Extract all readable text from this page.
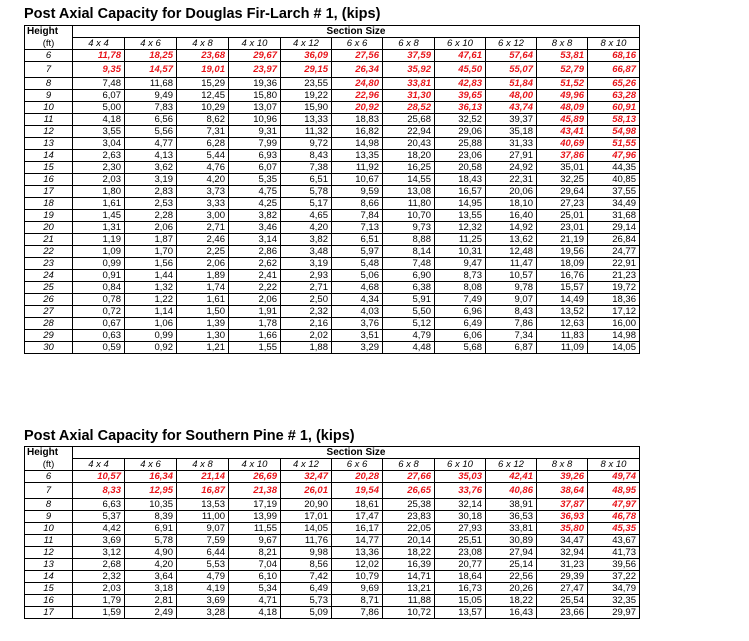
Post Axial Capacity for Douglas Fir-Larch # 1, (kips)
Height	Section Size										
(ft)	4 x 4	4 x 6	4 x 8	4 x 10	4 x 12	6 x 6	6 x 8	6 x 10	6 x 12	8 x 8	8 x 10
6	11,78	18,25	23,68	29,67	36,09	27,56	37,59	47,61	57,64	53,81	68,16
7	9,35	14,57	19,01	23,97	29,15	26,34	35,92	45,50	55,07	52,79	66,87
8	7,48	11,68	15,29	19,36	23,55	24,80	33,81	42,83	51,84	51,52	65,26
9	6,07	9,49	12,45	15,80	19,22	22,96	31,30	39,65	48,00	49,96	63,28
10	5,00	7,83	10,29	13,07	15,90	20,92	28,52	36,13	43,74	48,09	60,91
11	4,18	6,56	8,62	10,96	13,33	18,83	25,68	32,52	39,37	45,89	58,13
12	3,55	5,56	7,31	9,31	11,32	16,82	22,94	29,06	35,18	43,41	54,98
13	3,04	4,77	6,28	7,99	9,72	14,98	20,43	25,88	31,33	40,69	51,55
14	2,63	4,13	5,44	6,93	8,43	13,35	18,20	23,06	27,91	37,86	47,96
15	2,30	3,62	4,76	6,07	7,38	11,92	16,25	20,58	24,92	35,01	44,35
16	2,03	3,19	4,20	5,35	6,51	10,67	14,55	18,43	22,31	32,25	40,85
17	1,80	2,83	3,73	4,75	5,78	9,59	13,08	16,57	20,06	29,64	37,55
18	1,61	2,53	3,33	4,25	5,17	8,66	11,80	14,95	18,10	27,23	34,49
19	1,45	2,28	3,00	3,82	4,65	7,84	10,70	13,55	16,40	25,01	31,68
20	1,31	2,06	2,71	3,46	4,20	7,13	9,73	12,32	14,92	23,01	29,14
21	1,19	1,87	2,46	3,14	3,82	6,51	8,88	11,25	13,62	21,19	26,84
22	1,09	1,70	2,25	2,86	3,48	5,97	8,14	10,31	12,48	19,56	24,77
23	0,99	1,56	2,06	2,62	3,19	5,48	7,48	9,47	11,47	18,09	22,91
24	0,91	1,44	1,89	2,41	2,93	5,06	6,90	8,73	10,57	16,76	21,23
25	0,84	1,32	1,74	2,22	2,71	4,68	6,38	8,08	9,78	15,57	19,72
26	0,78	1,22	1,61	2,06	2,50	4,34	5,91	7,49	9,07	14,49	18,36
27	0,72	1,14	1,50	1,91	2,32	4,03	5,50	6,96	8,43	13,52	17,12
28	0,67	1,06	1,39	1,78	2,16	3,76	5,12	6,49	7,86	12,63	16,00
29	0,63	0,99	1,30	1,66	2,02	3,51	4,79	6,06	7,34	11,83	14,98
30	0,59	0,92	1,21	1,55	1,88	3,29	4,48	5,68	6,87	11,09	14,05
Post Axial Capacity for Southern Pine # 1, (kips)
Height	Section Size										
(ft)	4 x 4	4 x 6	4 x 8	4 x 10	4 x 12	6 x 6	6 x 8	6 x 10	6 x 12	8 x 8	8 x 10
6	10,57	16,34	21,14	26,69	32,47	20,28	27,66	35,03	42,41	39,26	49,74
7	8,33	12,95	16,87	21,38	26,01	19,54	26,65	33,76	40,86	38,64	48,95
8	6,63	10,35	13,53	17,19	20,90	18,61	25,38	32,14	38,91	37,87	47,97
9	5,37	8,39	11,00	13,99	17,01	17,47	23,83	30,18	36,53	36,93	46,78
10	4,42	6,91	9,07	11,55	14,05	16,17	22,05	27,93	33,81	35,80	45,35
11	3,69	5,78	7,59	9,67	11,76	14,77	20,14	25,51	30,89	34,47	43,67
12	3,12	4,90	6,44	8,21	9,98	13,36	18,22	23,08	27,94	32,94	41,73
13	2,68	4,20	5,53	7,04	8,56	12,02	16,39	20,77	25,14	31,23	39,56
14	2,32	3,64	4,79	6,10	7,42	10,79	14,71	18,64	22,56	29,39	37,22
15	2,03	3,18	4,19	5,34	6,49	9,69	13,21	16,73	20,26	27,47	34,79
16	1,79	2,81	3,69	4,71	5,73	8,71	11,88	15,05	18,22	25,54	32,35
17	1,59	2,49	3,28	4,18	5,09	7,86	10,72	13,57	16,43	23,66	29,97
